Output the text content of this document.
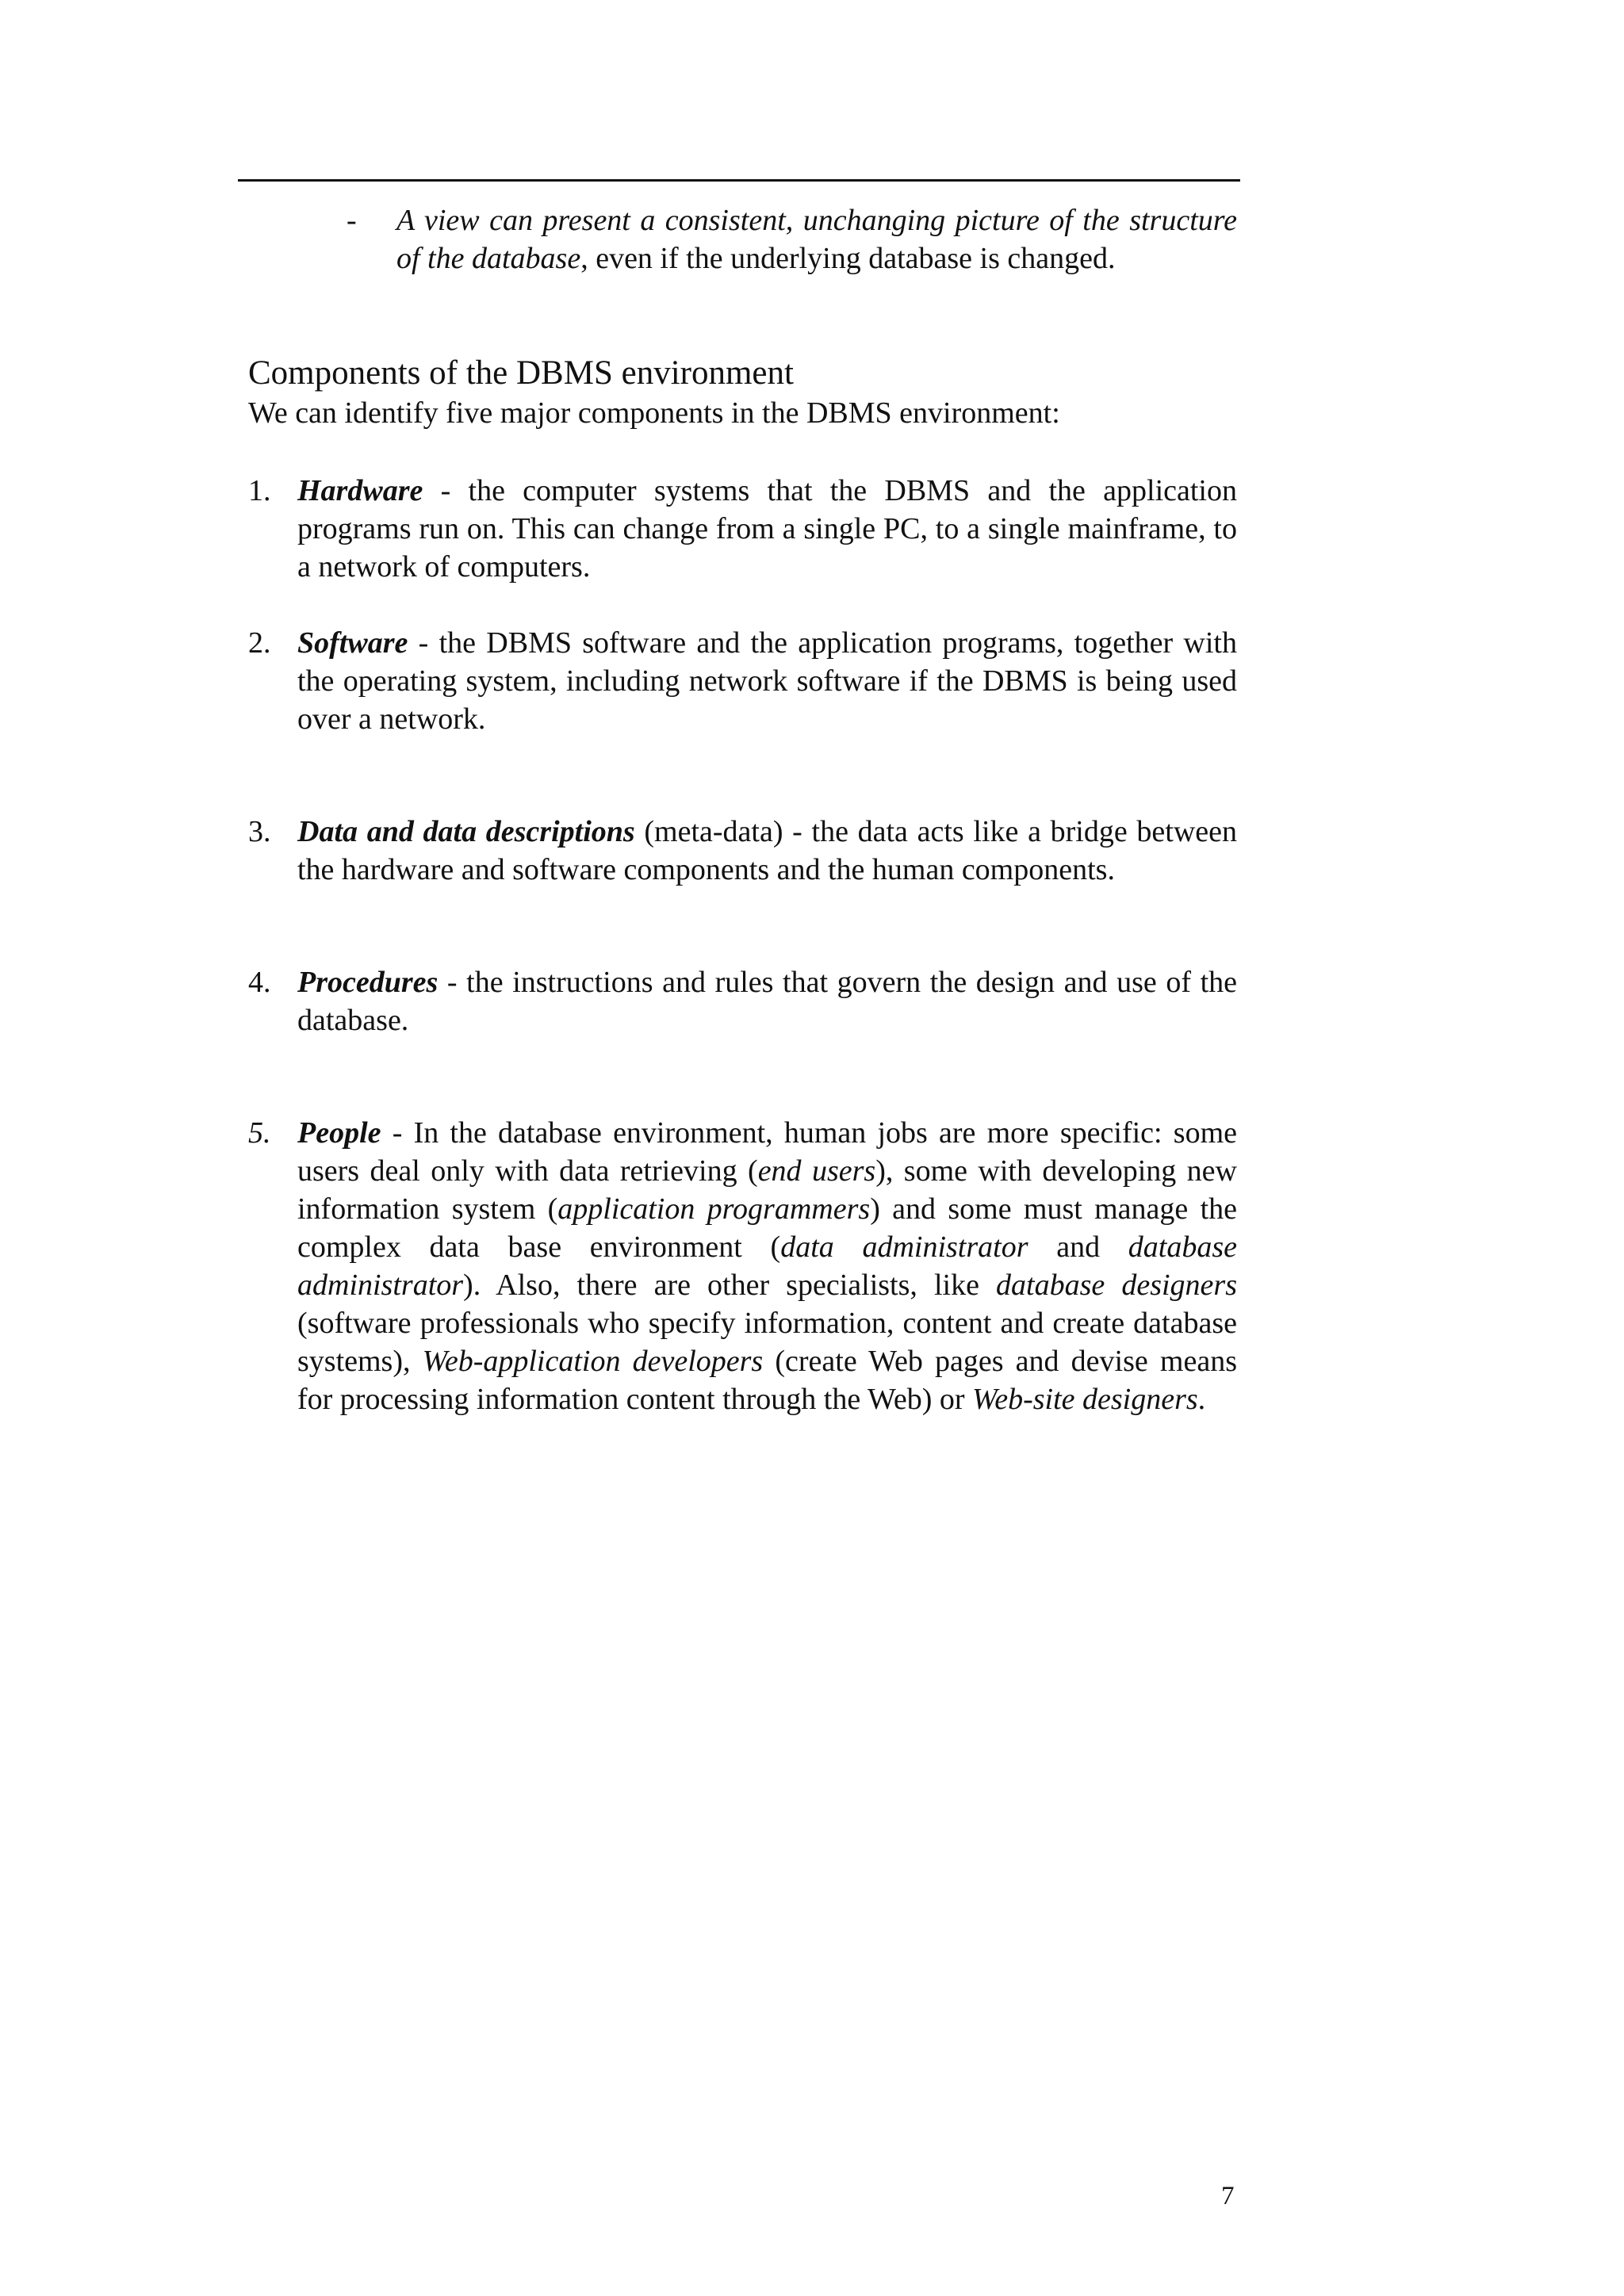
- A view can present a consistent, unchanging picture of the structure of the database, even if the underlying database is changed.
Components of the DBMS environment
We can identify five major components in the DBMS environment:
1. Hardware - the computer systems that the DBMS and the application programs run on. This can change from a single PC, to a single mainframe, to a network of computers.
2. Software - the DBMS software and the application programs, together with the operating system, including network software if the DBMS is being used over a network.
3. Data and data descriptions (meta-data) - the data acts like a bridge between the hardware and software components and the human components.
4. Procedures - the instructions and rules that govern the design and use of the database.
5. People - In the database environment, human jobs are more specific: some users deal only with data retrieving (end users), some with developing new information system (application programmers) and some must manage the complex data base environment (data administrator and database administrator). Also, there are other specialists, like database designers (software professionals who specify information, content and create database systems), Web-application developers (create Web pages and devise means for processing information content through the Web) or Web-site designers.
7
